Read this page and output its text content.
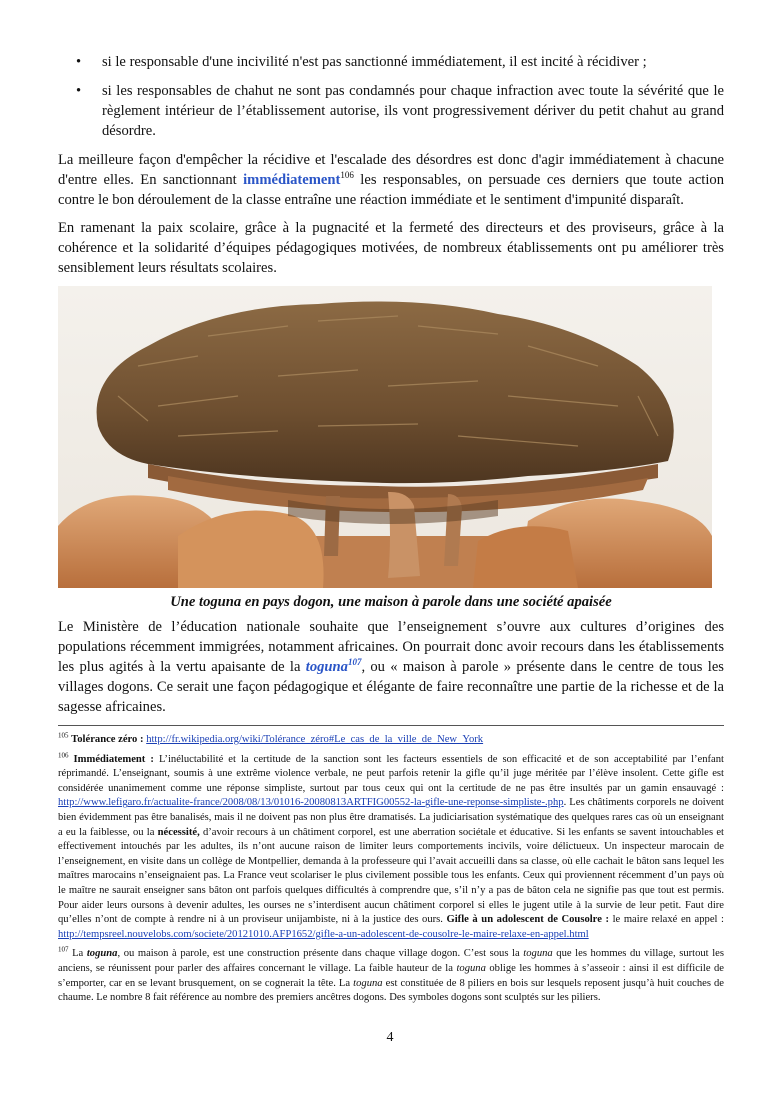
• si le responsable d'une incivilité n'est pas sanctionné immédiatement, il est incité à récidiver ;
• si les responsables de chahut ne sont pas condamnés pour chaque infraction avec toute la sévérité que le règlement intérieur de l’établissement autorise, ils vont progressivement dériver du petit chahut au grand désordre.

La meilleure façon d'empêcher la récidive et l'escalade des désordres est donc d'agir immédiatement à chacune d'entre elles. En sanctionnant immédiatement$^{106}$ les responsables, on persuade ces derniers que toute action contre le bon déroulement de la classe entraîne une réaction immédiate et le sentiment d'impunité disparaît.

En ramenant la paix scolaire, grâce à la pugnacité et la fermeté des directeurs et des proviseurs, grâce à la cohérence et la solidarité d’équipes pédagogiques motivées, de nombreux établissements ont pu améliorer très sensiblement leurs résultats scolaires.

Une toguna en pays dogon, une maison à parole dans une société apaisée

Le Ministère de l’éducation nationale souhaite que l’enseignement s’ouvre aux cultures d’origines des populations récemment immigrées, notamment africaines. On pourrait donc avoir recours dans les établissements les plus agités à la vertu apaisante de la toguna$^{107}$, ou « maison à parole » présente dans le centre de tous les villages dogons. Ce serait une façon pédagogique et élégante de faire reconnaître une partie de la richesse et de la sagesse africaines.

$^{105}$ Tolérance zéro : http://fr.wikipedia.org/wiki/Tolérance_zéro#Le_cas_de_la_ville_de_New_York

$^{106}$ Immédiatement : L’inéluctabilité et la certitude de la sanction sont les facteurs essentiels de son efficacité et de son acceptabilité par l’enfant réprimandé. L’enseignant, soumis à une extrême violence verbale, ne peut parfois retenir la gifle qu’il juge méritée par l’élève insolent. Cette gifle est considérée unanimement comme une réponse simpliste, surtout par tous ceux qui ont la certitude de ne pas être insultés par un gamin ensauvagé : http://www.lefigaro.fr/actualite-france/2008/08/13/01016-20080813ARTFIG00552-la-gifle-une-reponse-simpliste-.php. Les châtiments corporels ne doivent bien évidemment pas être banalisés, mais il ne doivent pas non plus être dramatisés. La judiciarisation systématique des quelques rares cas où un enseignant a eu la faiblesse, ou la nécessité, d’avoir recours à un châtiment corporel, est une aberration sociétale et éducative. Si les enfants se savent intouchables et effectivement intouchés par les adultes, ils n’ont aucune raison de limiter leurs comportements incivils, voire délictueux. Un inspecteur marocain de l’enseignement, en visite dans un collège de Montpellier, demanda à la professeure qui l’avait accueilli dans sa classe, où elle cachait le bâton sans lequel les maîtres marocains n’enseignaient pas. La France veut scolariser le plus civilement possible tous les enfants. Ceux qui proviennent récemment d’un pays où le maître ne saurait enseigner sans bâton ont parfois quelques difficultés à comprendre que, s’il n’y a pas de bâton cela ne signifie pas que tout est permis. Pour aider leurs oursons à devenir adultes, les ourses ne s’interdisent aucun châtiment corporel si elles le jugent utile à la survie de leur petit. Faut dire qu’elles n’ont de compte à rendre ni à un proviseur unijambiste, ni à la justice des ours. Gifle à un adolescent de Cousolre : le maire relaxé en appel : http://tempsreel.nouvelobs.com/societe/20121010.AFP1652/gifle-a-un-adolescent-de-cousolre-le-maire-relaxe-en-appel.html

$^{107}$ La toguna, ou maison à parole, est une construction présente dans chaque village dogon. C’est sous la toguna que les hommes du village, surtout les anciens, se réunissent pour parler des affaires concernant le village. La faible hauteur de la toguna oblige les hommes à s’asseoir : ainsi il est difficile de s’emporter, car en se levant brusquement, on se cognerait la tête. La toguna est constituée de 8 piliers en bois sur lesquels reposent jusqu’à huit couches de chaume. Le nombre 8 fait référence au nombre des premiers ancêtres dogons. Des symboles dogons sont sculptés sur les piliers.

4
